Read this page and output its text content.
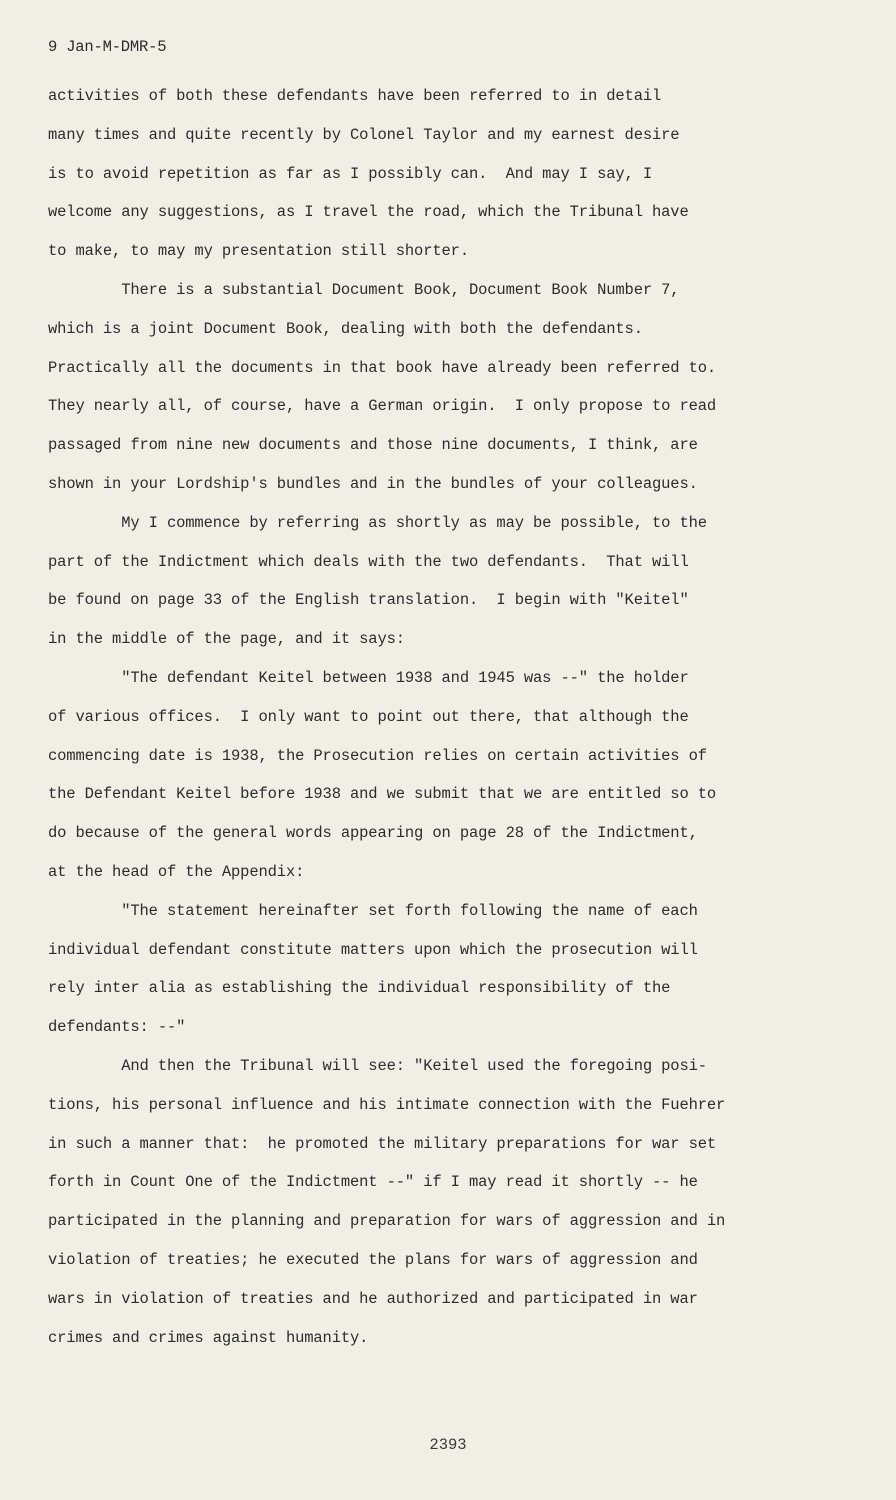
9 Jan-M-DMR-5
activities of both these defendants have been referred to in detail
many times and quite recently by Colonel Taylor and my earnest desire
is to avoid repetition as far as I possibly can.  And may I say, I
welcome any suggestions, as I travel the road, which the Tribunal have
to make, to may my presentation still shorter.
There is a substantial Document Book, Document Book Number 7,
which is a joint Document Book, dealing with both the defendants.
Practically all the documents in that book have already been referred to.
They nearly all, of course, have a German origin.  I only propose to read
passaged from nine new documents and those nine documents, I think, are
shown in your Lordship's bundles and in the bundles of your colleagues.
My I commence by referring as shortly as may be possible, to the
part of the Indictment which deals with the two defendants.  That will
be found on page 33 of the English translation.  I begin with "Keitel"
in the middle of the page, and it says:
"The defendant Keitel between 1938 and 1945 was --" the holder
of various offices.  I only want to point out there, that although the
commencing date is 1938, the Prosecution relies on certain activities of
the Defendant Keitel before 1938 and we submit that we are entitled so to
do because of the general words appearing on page 28 of the Indictment,
at the head of the Appendix:
"The statement hereinafter set forth following the name of each
individual defendant constitute matters upon which the prosecution will
rely inter alia as establishing the individual responsibility of the
defendants: --"
And then the Tribunal will see: "Keitel used the foregoing posi-
tions, his personal influence and his intimate connection with the Fuehrer
in such a manner that:  he promoted the military preparations for war set
forth in Count One of the Indictment --" if I may read it shortly -- he
participated in the planning and preparation for wars of aggression and in
violation of treaties; he executed the plans for wars of aggression and
wars in violation of treaties and he authorized and participated in war
crimes and crimes against humanity.
2393
